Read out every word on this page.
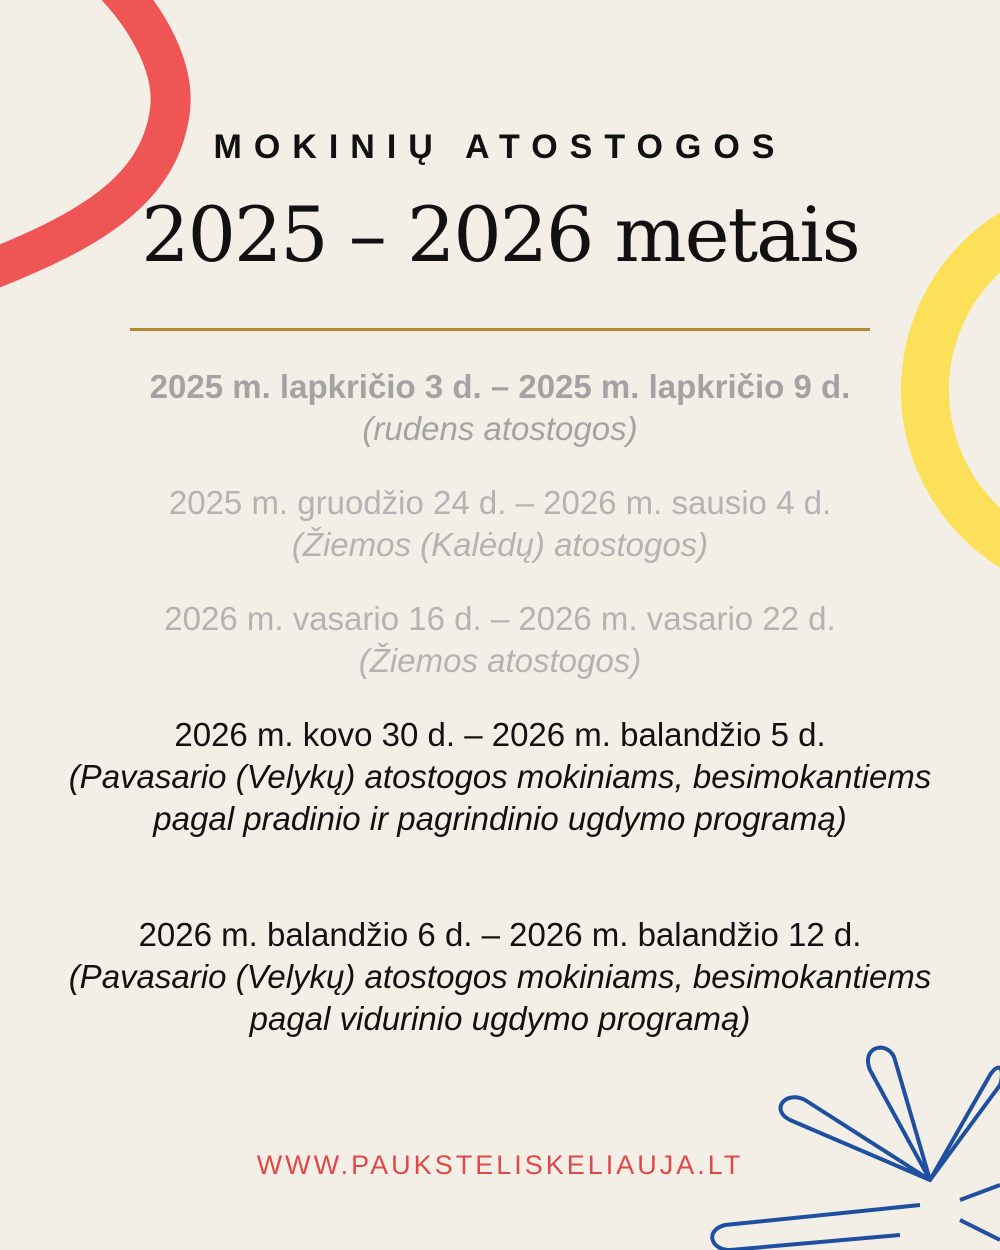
MOKINIŲ ATOSTOGOS
2025 – 2026 metais
2025 m. lapkričio 3 d. – 2025 m. lapkričio 9 d.
(rudens atostogos)
2025 m. gruodžio 24 d. – 2026 m. sausio 4 d.
(Žiemos (Kalėdų) atostogos)
2026 m. vasario 16 d. – 2026 m. vasario 22 d.
(Žiemos atostogos)
2026 m. kovo 30 d. – 2026 m. balandžio 5 d.
(Pavasario (Velykų) atostogos mokiniams, besimokantiems pagal pradinio ir pagrindinio ugdymo programą)
2026 m. balandžio 6 d. – 2026 m. balandžio 12 d.
(Pavasario (Velykų) atostogos mokiniams, besimokantiems pagal vidurinio ugdymo programą)
WWW.PAUKSTELISKELIAUJA.LT
